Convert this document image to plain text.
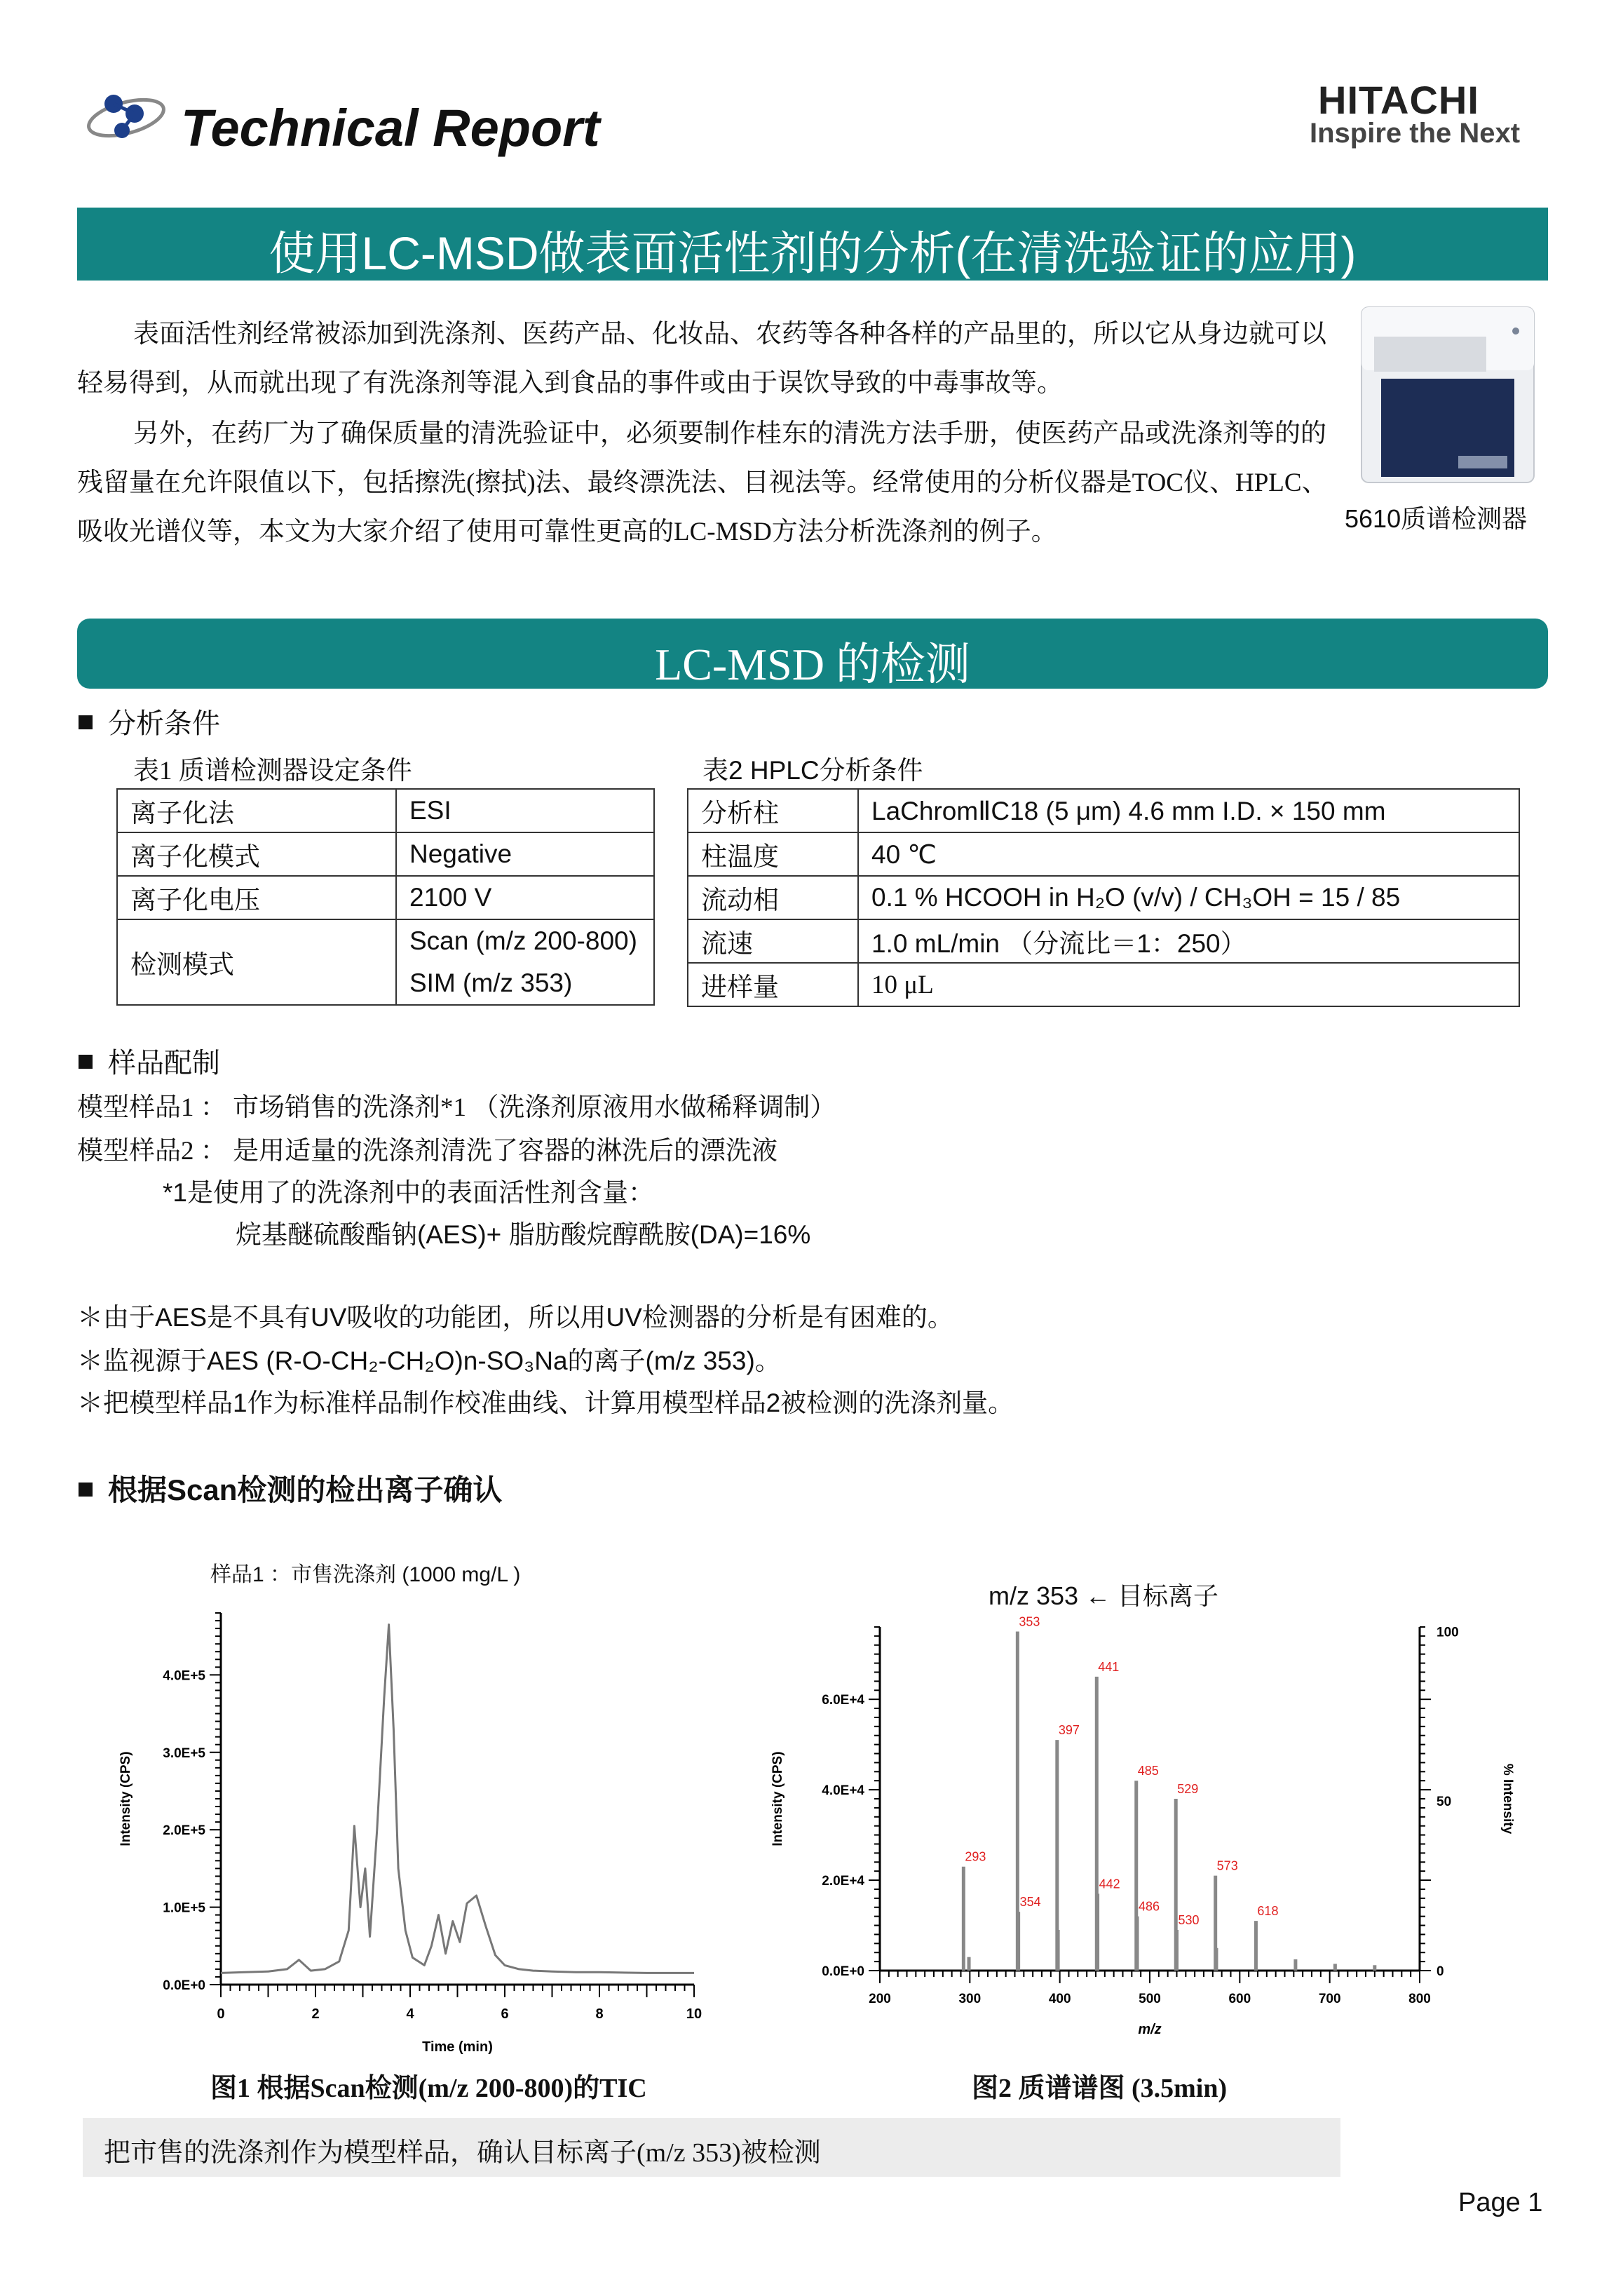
Technical Report	HITACHI
Inspire the Next
使用LC-MSD做表面活性剂的分析(在清洗验证的应用)
表面活性剂经常被添加到洗涤剂、医药产品、化妆品、农药等各种各样的产品里的，所以它从身边就可以轻易得到，从而就出现了有洗涤剂等混入到食品的事件或由于误饮导致的中毒事故等。
另外，在药厂为了确保质量的清洗验证中，必须要制作桂东的清洗方法手册，使医药产品或洗涤剂等的的残留量在允许限值以下，包括擦洗(擦拭)法、最终漂洗法、目视法等。经常使用的分析仪器是TOC仪、HPLC、吸收光谱仪等，本文为大家介绍了使用可靠性更高的LC-MSD方法分析洗涤剂的例子。	5610质谱检测器
LC-MSD 的检测
分析条件
表1 质谱检测器设定条件
离子化法	ESI
离子化模式	Negative
离子化电压	2100 V
检测模式	Scan (m/z 200-800)
SIM (m/z 353)
表2 HPLC分析条件
分析柱	LaChromⅡC18 (5 μm) 4.6 mm I.D. × 150 mm
柱温度	40 ℃
流动相	0.1 % HCOOH in H₂O (v/v) / CH₃OH = 15 / 85
流速	1.0 mL/min （分流比＝1：250）
进样量	10 μL
样品配制
模型样品1 ： 市场销售的洗涤剂*1 （洗涤剂原液用水做稀释调制）
模型样品2 ： 是用适量的洗涤剂清洗了容器的淋洗后的漂洗液
*1是使用了的洗涤剂中的表面活性剂含量：
烷基醚硫酸酯钠(AES)+ 脂肪酸烷醇酰胺(DA)=16%
＊由于AES是不具有UV吸收的功能团，所以用UV检测器的分析是有困难的。
＊监视源于AES (R-O-CH₂-CH₂O)n-SO₃Na的离子(m/z 353)。
＊把模型样品1作为标准样品制作校准曲线、计算用模型样品2被检测的洗涤剂量。
根据Scan检测的检出离子确认
样品1 ：市售洗涤剂 (1000 mg/L )
0	2	4	6	8	10
0.0E+0
1.0E+5
2.0E+5
3.0E+5
4.0E+5
Time (min)
Intensity (CPS)
图1 根据Scan检测(m/z 200-800)的TIC
m/z 353 ← 目标离子
200	300	400	500	600	700	800
0.0E+0
2.0E+4
4.0E+4
6.0E+4
0
50
100
m/z
Intensity (CPS)	% Intensity
293
353
354
397
441
442
485
486
529
530
573
618
图2 质谱谱图 (3.5min)
把市售的洗涤剂作为模型样品，确认目标离子(m/z 353)被检测
Page 1
